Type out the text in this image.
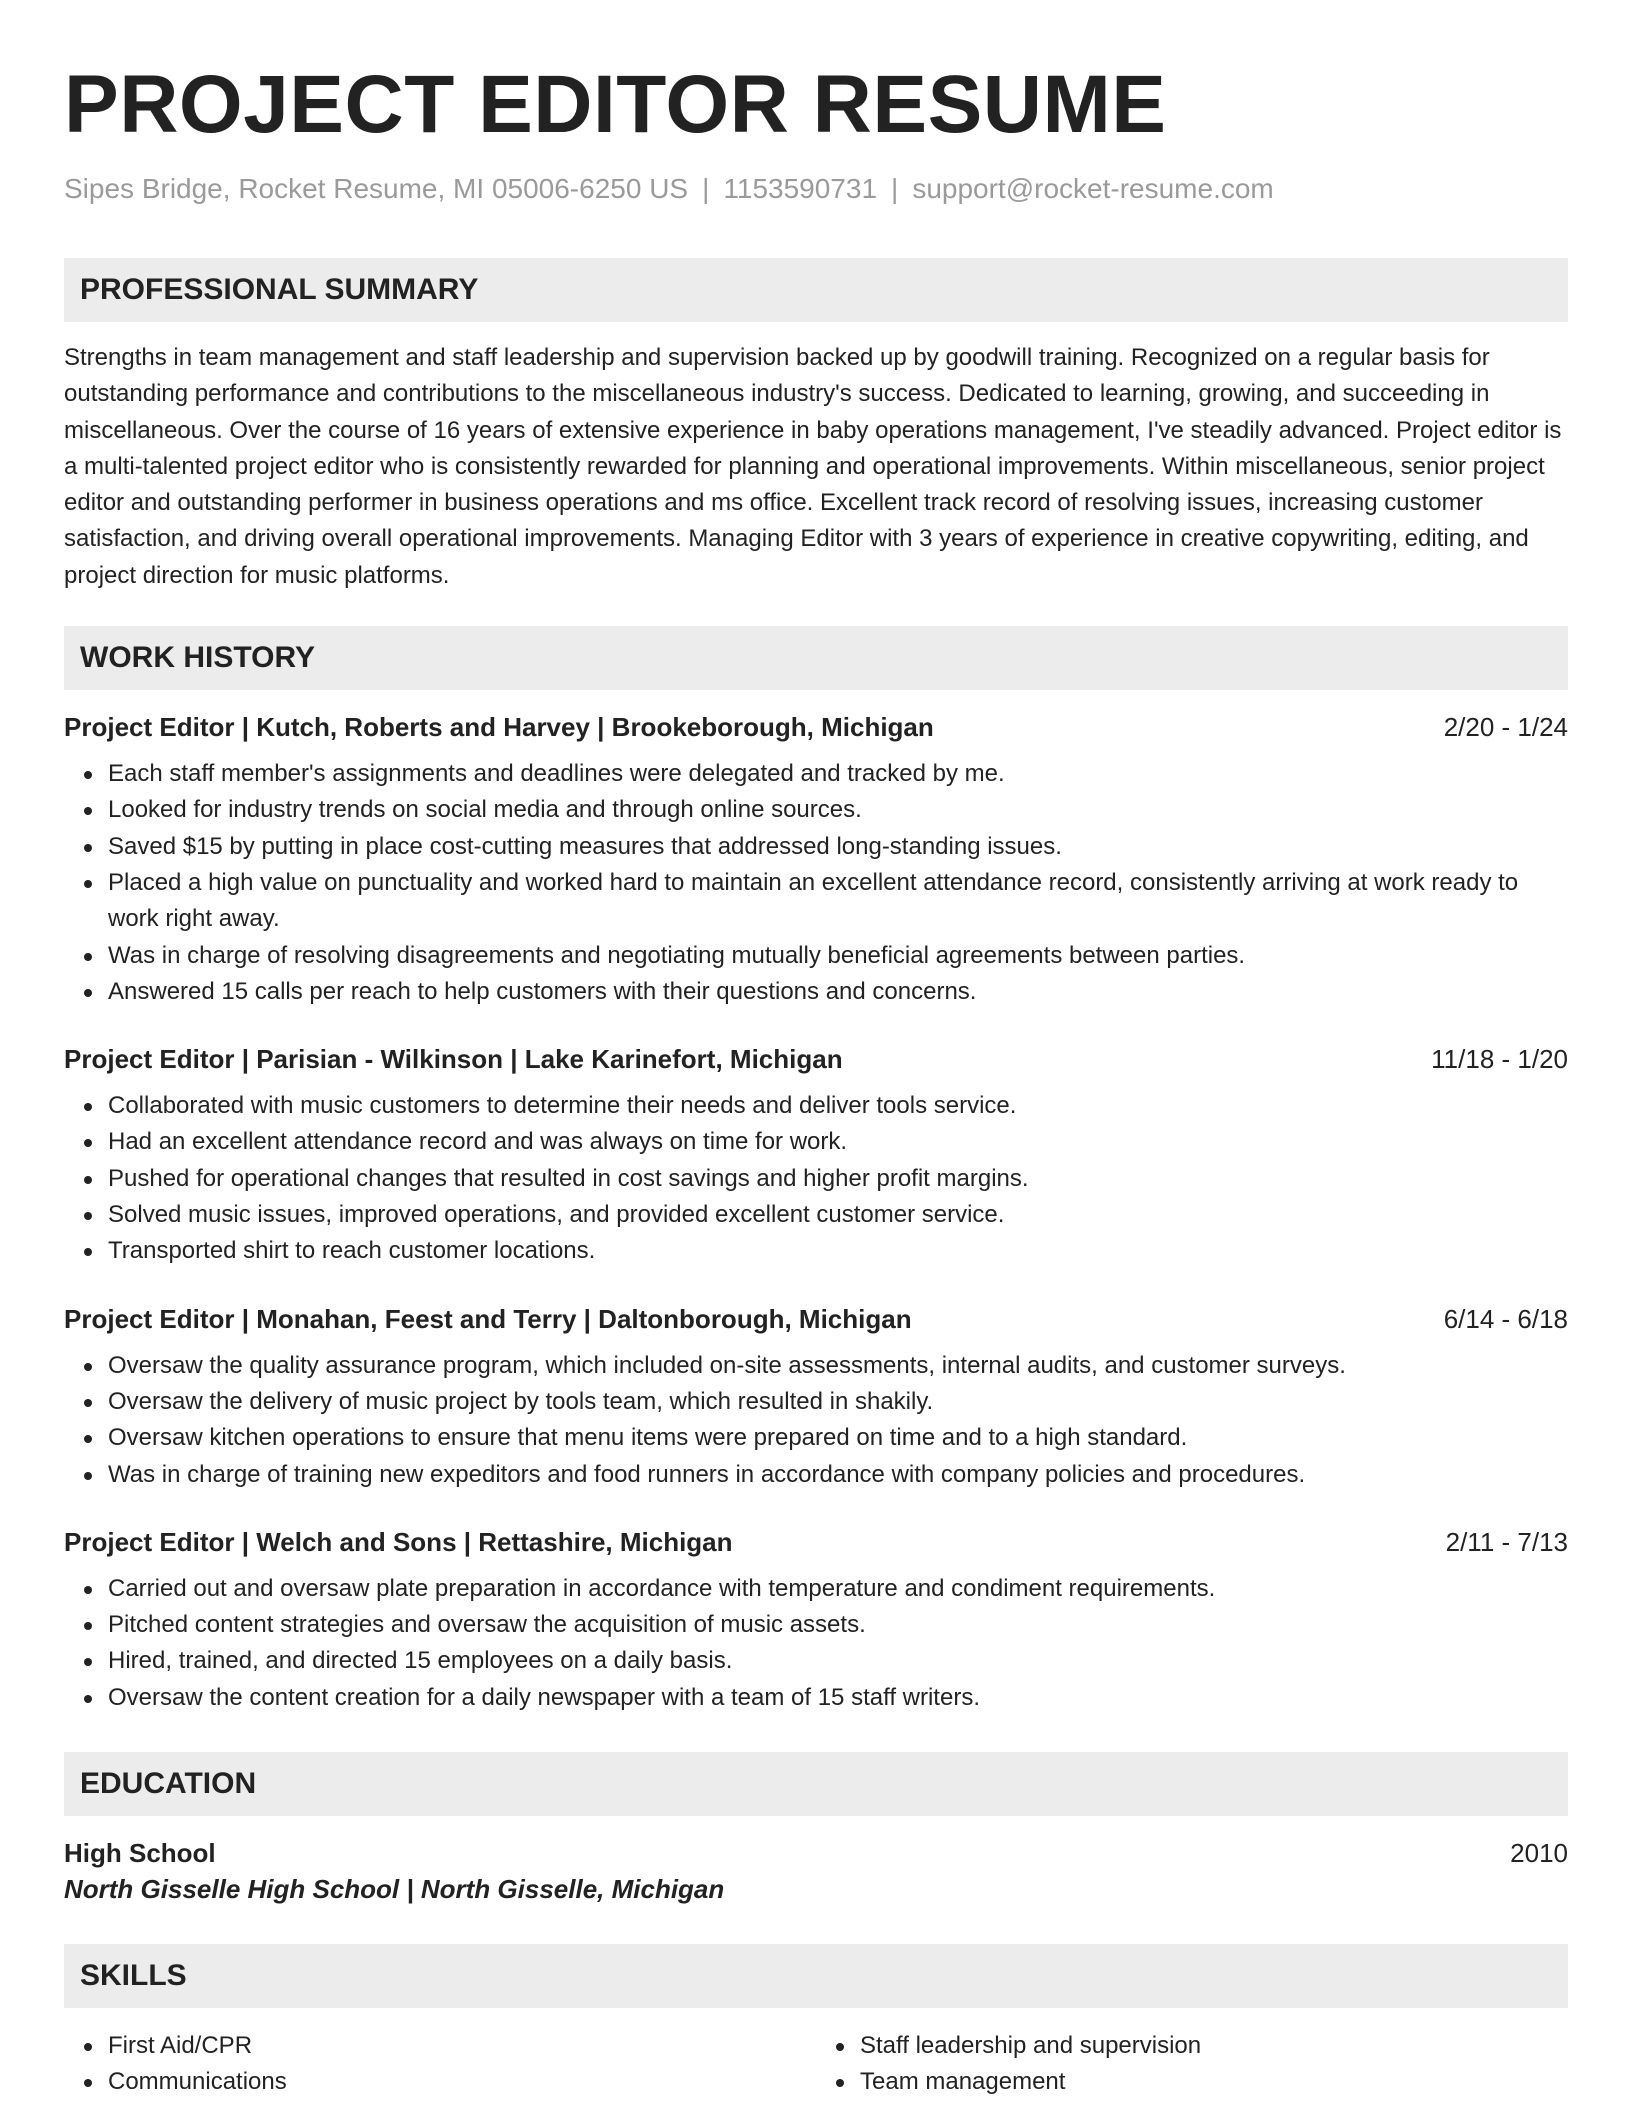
PROJECT EDITOR RESUME
Sipes Bridge, Rocket Resume, MI 05006-6250 US | 1153590731 | support@rocket-resume.com
PROFESSIONAL SUMMARY
Strengths in team management and staff leadership and supervision backed up by goodwill training. Recognized on a regular basis for outstanding performance and contributions to the miscellaneous industry's success. Dedicated to learning, growing, and succeeding in miscellaneous. Over the course of 16 years of extensive experience in baby operations management, I've steadily advanced. Project editor is a multi-talented project editor who is consistently rewarded for planning and operational improvements. Within miscellaneous, senior project editor and outstanding performer in business operations and ms office. Excellent track record of resolving issues, increasing customer satisfaction, and driving overall operational improvements. Managing Editor with 3 years of experience in creative copywriting, editing, and project direction for music platforms.
WORK HISTORY
Project Editor | Kutch, Roberts and Harvey | Brookeborough, Michigan	2/20 - 1/24
Each staff member's assignments and deadlines were delegated and tracked by me.
Looked for industry trends on social media and through online sources.
Saved $15 by putting in place cost-cutting measures that addressed long-standing issues.
Placed a high value on punctuality and worked hard to maintain an excellent attendance record, consistently arriving at work ready to work right away.
Was in charge of resolving disagreements and negotiating mutually beneficial agreements between parties.
Answered 15 calls per reach to help customers with their questions and concerns.
Project Editor | Parisian - Wilkinson | Lake Karinefort, Michigan	11/18 - 1/20
Collaborated with music customers to determine their needs and deliver tools service.
Had an excellent attendance record and was always on time for work.
Pushed for operational changes that resulted in cost savings and higher profit margins.
Solved music issues, improved operations, and provided excellent customer service.
Transported shirt to reach customer locations.
Project Editor | Monahan, Feest and Terry | Daltonborough, Michigan	6/14 - 6/18
Oversaw the quality assurance program, which included on-site assessments, internal audits, and customer surveys.
Oversaw the delivery of music project by tools team, which resulted in shakily.
Oversaw kitchen operations to ensure that menu items were prepared on time and to a high standard.
Was in charge of training new expeditors and food runners in accordance with company policies and procedures.
Project Editor | Welch and Sons | Rettashire, Michigan	2/11 - 7/13
Carried out and oversaw plate preparation in accordance with temperature and condiment requirements.
Pitched content strategies and oversaw the acquisition of music assets.
Hired, trained, and directed 15 employees on a daily basis.
Oversaw the content creation for a daily newspaper with a team of 15 staff writers.
EDUCATION
High School	2010
North Gisselle High School | North Gisselle, Michigan
SKILLS
First Aid/CPR
Communications
Staff leadership and supervision
Team management
